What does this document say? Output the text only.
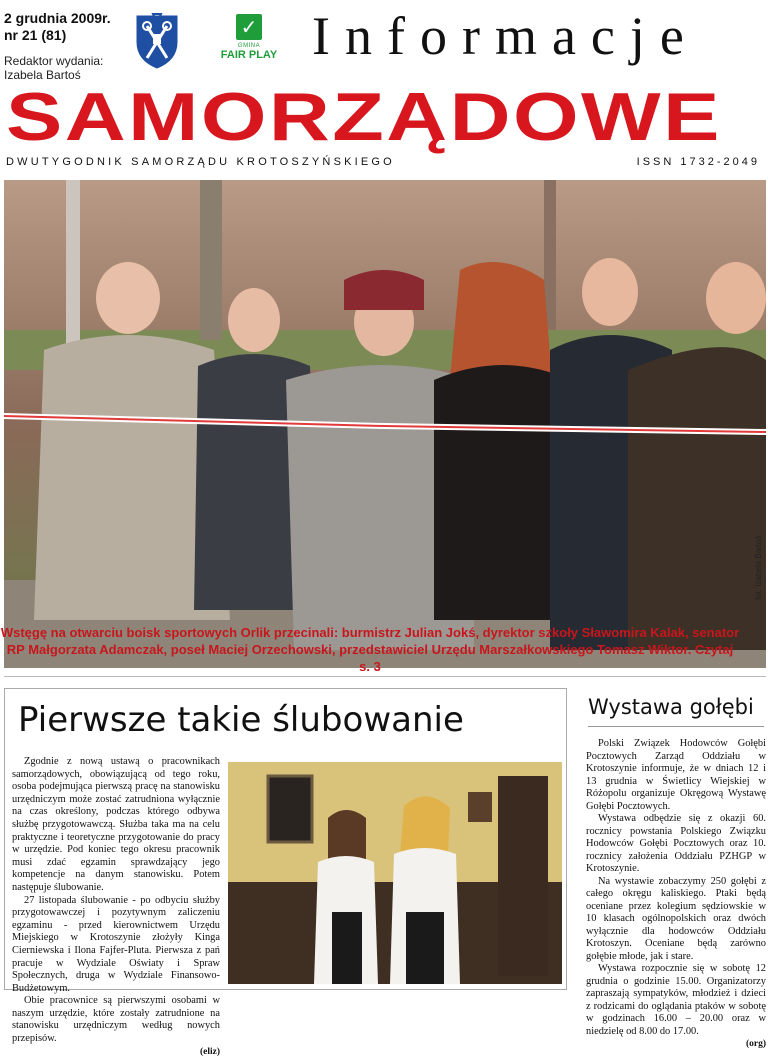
2 grudnia 2009r.
nr 21 (81)
Redaktor wydania:
Izabela Bartoś
✓
GMINA
FAIR PLAY Informacje
SAMORZĄDOWE
DWUTYGODNIK SAMORZĄDU KROTOSZYŃSKIEGO	ISSN 1732-2049
fot. Izabela Bartoś
Wstęgę na otwarciu boisk sportowych Orlik przecinali: burmistrz Julian Jokś, dyrektor szkoły Sławomira Kalak, senator
RP Małgorzata Adamczak, poseł Maciej Orzechowski, przedstawiciel Urzędu Marszałkowskiego Tomasz Wiktor. Czytaj s. 3
Pierwsze takie ślubowanie

Zgodnie z nową ustawą o pracownikach samorządowych, obowiązującą od tego roku, osoba podejmująca pierwszą pracę na stanowisku urzędniczym może zostać zatrudniona wyłącznie na czas określony, podczas którego odbywa służbę przygotowawczą. Służba taka ma na celu praktyczne i teoretyczne przygotowanie do pracy w urzędzie. Pod koniec tego okresu pracownik musi zdać egzamin sprawdzający jego kompetencje na danym stanowisku. Potem następuje ślubowanie.

27 listopada ślubowanie - po odbyciu służby przygotowawczej i pozytywnym zaliczeniu egzaminu - przed kierownictwem Urzędu Miejskiego w Krotoszynie złożyły Kinga Cierniewska i Ilona Fajfer-Pluta. Pierwsza z pań pracuje w Wydziale Oświaty i Spraw Społecznych, druga w Wydziale Finansowo-Budżetowym.

Obie pracownice są pierwszymi osobami w naszym urzędzie, które zostały zatrudnione na stanowisku urzędniczym według nowych przepisów.

(eliz)
Wystawa gołębi

Polski Związek Hodowców Gołębi Pocztowych Zarząd Oddziału w Krotoszynie informuje, że w dniach 12 i 13 grudnia w Świetlicy Wiejskiej w Różopolu organizuje Okręgową Wystawę Gołębi Pocztowych.

Wystawa odbędzie się z okazji 60. rocznicy powstania Polskiego Związku Hodowców Gołębi Pocztowych oraz 10. rocznicy założenia Oddziału PZHGP w Krotoszynie.

Na wystawie zobaczymy 250 gołębi z całego okręgu kaliskiego. Ptaki będą oceniane przez kolegium sędziowskie w 10 klasach ogólnopolskich oraz dwóch wyłącznie dla hodowców Oddziału Krotoszyn. Oceniane będą zarówno gołębie młode, jak i stare.

Wystawa rozpocznie się w sobotę 12 grudnia o godzinie 15.00. Organizatorzy zapraszają sympatyków, młodzież i dzieci z rodzicami do oglądania ptaków w sobotę w godzinach 16.00 – 20.00 oraz w niedzielę od 8.00 do 17.00.

(org)
